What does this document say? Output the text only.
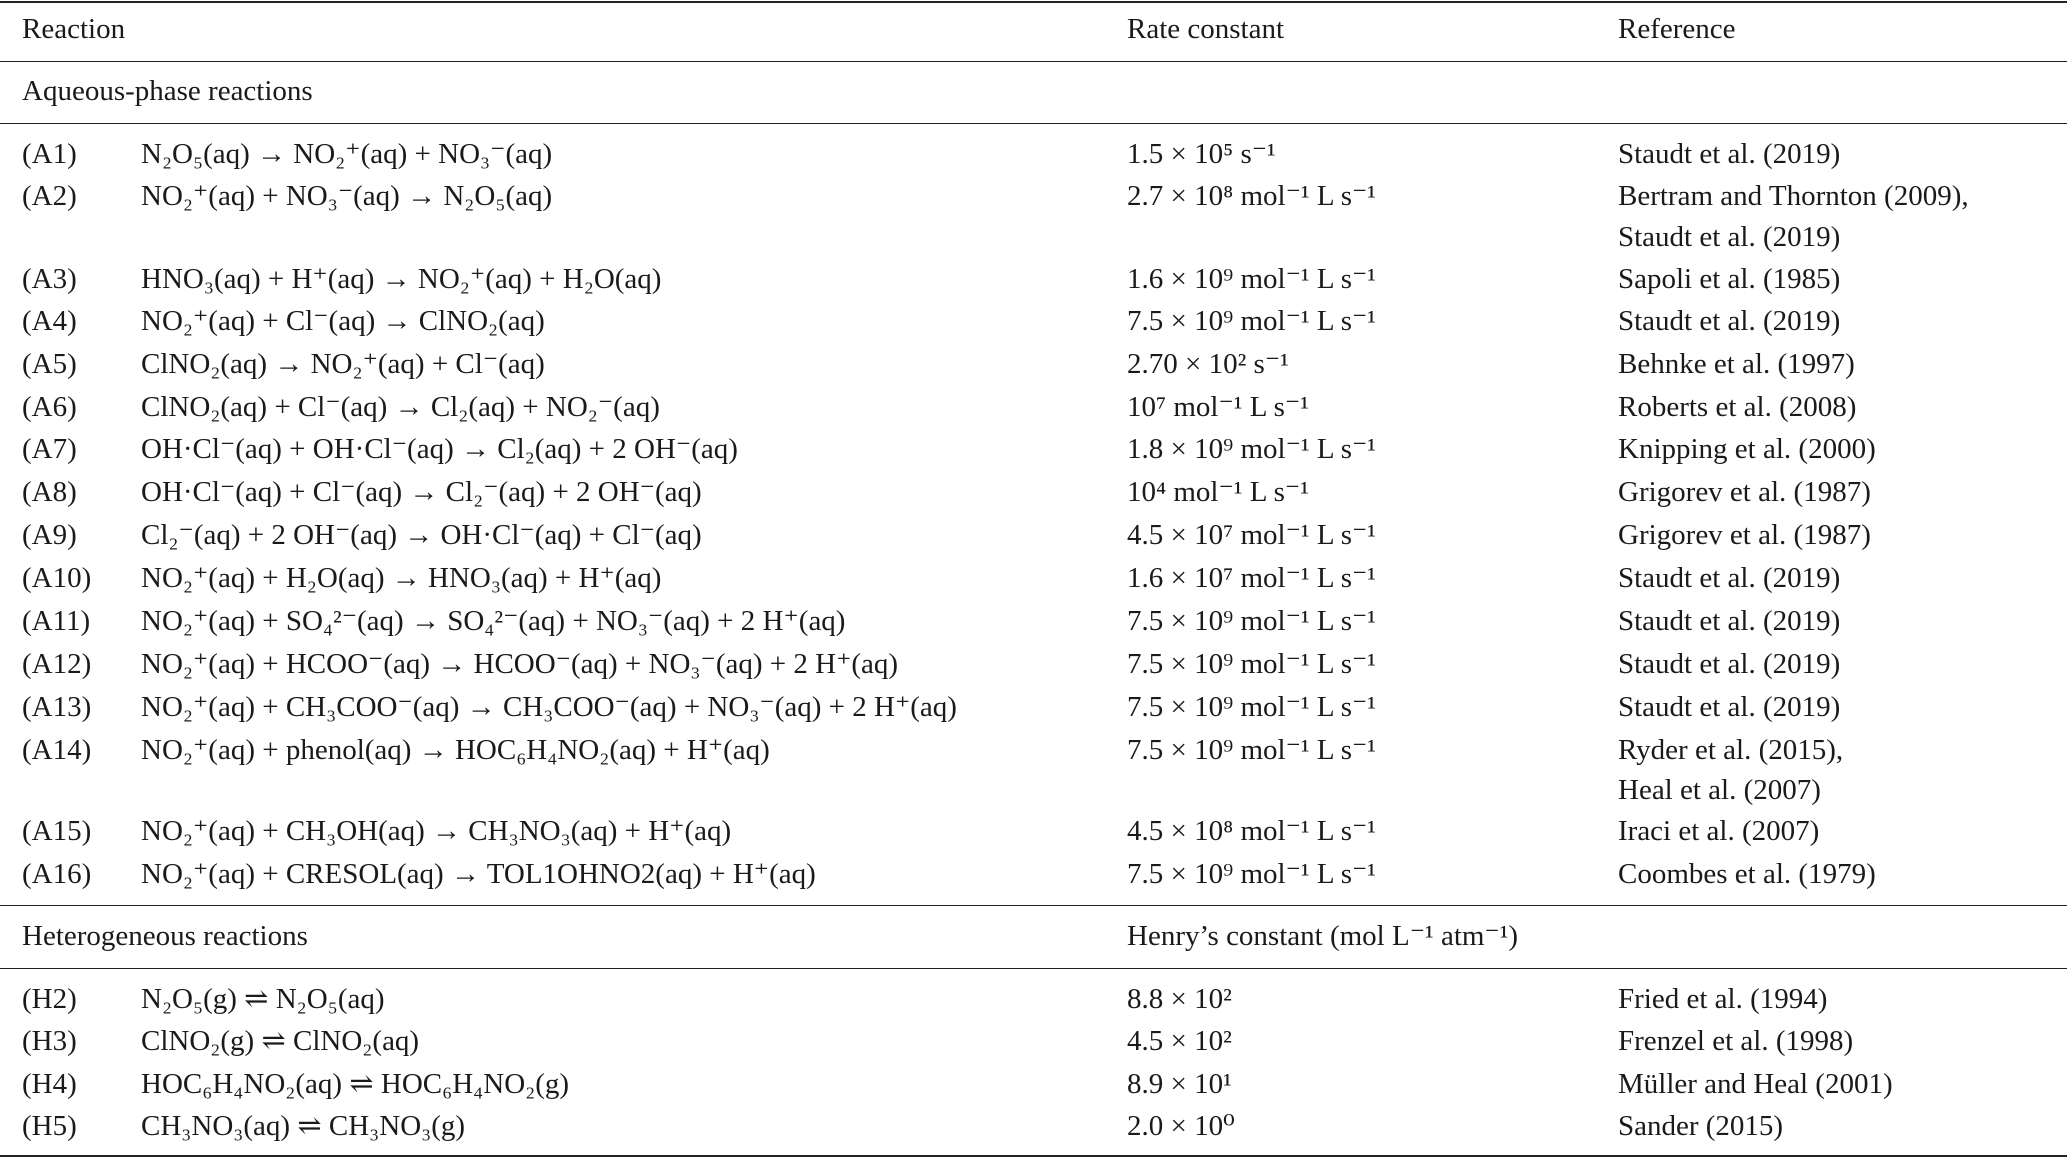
Reaction	Rate constant	Reference
Aqueous-phase reactions
(A1) N₂O₅(aq) → NO₂⁺(aq) + NO₃⁻(aq)	1.5 × 10⁵ s⁻¹	Staudt et al. (2019)
(A2) NO₂⁺(aq) + NO₃⁻(aq) → N₂O₅(aq)	2.7 × 10⁸ mol⁻¹ L s⁻¹	Bertram and Thornton (2009),
Staudt et al. (2019)
(A3) HNO₃(aq) + H⁺(aq) → NO₂⁺(aq) + H₂O(aq)	1.6 × 10⁹ mol⁻¹ L s⁻¹	Sapoli et al. (1985)
(A4) NO₂⁺(aq) + Cl⁻(aq) → ClNO₂(aq)	7.5 × 10⁹ mol⁻¹ L s⁻¹	Staudt et al. (2019)
(A5) ClNO₂(aq) → NO₂⁺(aq) + Cl⁻(aq)	2.70 × 10² s⁻¹	Behnke et al. (1997)
(A6) ClNO₂(aq) + Cl⁻(aq) → Cl₂(aq) + NO₂⁻(aq)	10⁷ mol⁻¹ L s⁻¹	Roberts et al. (2008)
(A7) OH·Cl⁻(aq) + OH·Cl⁻(aq) → Cl₂(aq) + 2 OH⁻(aq)	1.8 × 10⁹ mol⁻¹ L s⁻¹	Knipping et al. (2000)
(A8) OH·Cl⁻(aq) + Cl⁻(aq) → Cl₂⁻(aq) + 2 OH⁻(aq)	10⁴ mol⁻¹ L s⁻¹	Grigorev et al. (1987)
(A9) Cl₂⁻(aq) + 2 OH⁻(aq) → OH·Cl⁻(aq) + Cl⁻(aq)	4.5 × 10⁷ mol⁻¹ L s⁻¹	Grigorev et al. (1987)
(A10) NO₂⁺(aq) + H₂O(aq) → HNO₃(aq) + H⁺(aq)	1.6 × 10⁷ mol⁻¹ L s⁻¹	Staudt et al. (2019)
(A11) NO₂⁺(aq) + SO₄²⁻(aq) → SO₄²⁻(aq) + NO₃⁻(aq) + 2 H⁺(aq)	7.5 × 10⁹ mol⁻¹ L s⁻¹	Staudt et al. (2019)
(A12) NO₂⁺(aq) + HCOO⁻(aq) → HCOO⁻(aq) + NO₃⁻(aq) + 2 H⁺(aq)	7.5 × 10⁹ mol⁻¹ L s⁻¹	Staudt et al. (2019)
(A13) NO₂⁺(aq) + CH₃COO⁻(aq) → CH₃COO⁻(aq) + NO₃⁻(aq) + 2 H⁺(aq)	7.5 × 10⁹ mol⁻¹ L s⁻¹	Staudt et al. (2019)
(A14) NO₂⁺(aq) + phenol(aq) → HOC₆H₄NO₂(aq) + H⁺(aq)	7.5 × 10⁹ mol⁻¹ L s⁻¹	Ryder et al. (2015),
Heal et al. (2007)
(A15) NO₂⁺(aq) + CH₃OH(aq) → CH₃NO₃(aq) + H⁺(aq)	4.5 × 10⁸ mol⁻¹ L s⁻¹	Iraci et al. (2007)
(A16) NO₂⁺(aq) + CRESOL(aq) → TOL1OHNO2(aq) + H⁺(aq)	7.5 × 10⁹ mol⁻¹ L s⁻¹	Coombes et al. (1979)
Heterogeneous reactions	Henry’s constant (mol L⁻¹ atm⁻¹)
(H2) N₂O₅(g) ⇌ N₂O₅(aq)	8.8 × 10²	Fried et al. (1994)
(H3) ClNO₂(g) ⇌ ClNO₂(aq)	4.5 × 10²	Frenzel et al. (1998)
(H4) HOC₆H₄NO₂(aq) ⇌ HOC₆H₄NO₂(g)	8.9 × 10¹	Müller and Heal (2001)
(H5) CH₃NO₃(aq) ⇌ CH₃NO₃(g)	2.0 × 10⁰	Sander (2015)
